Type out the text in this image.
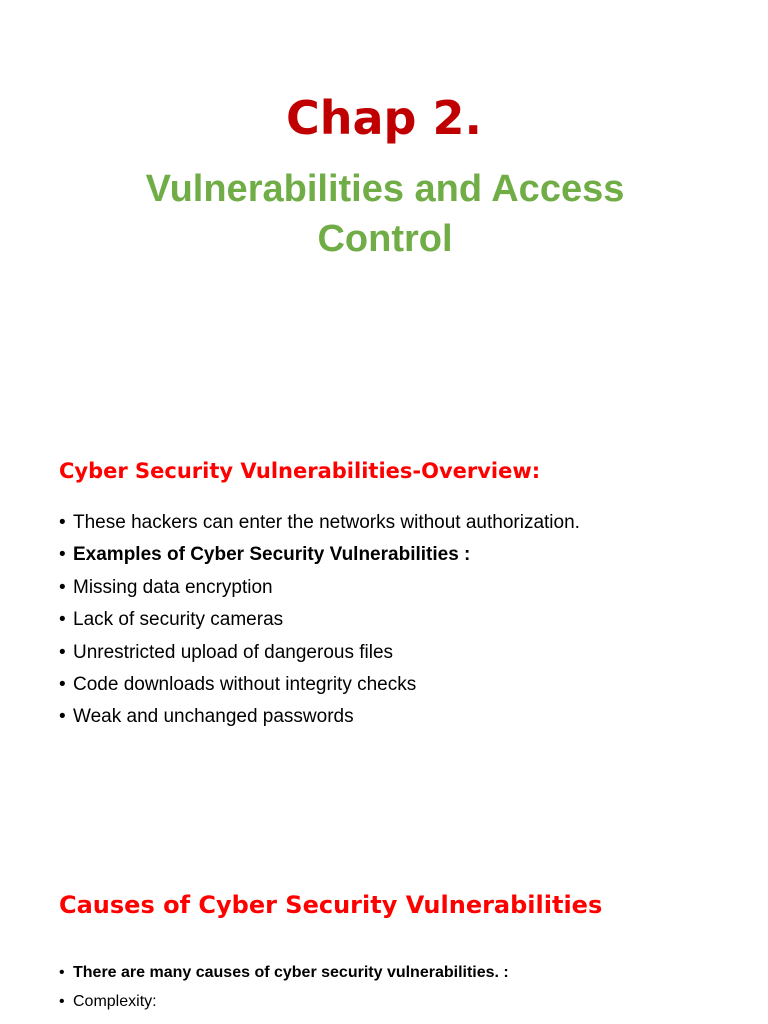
Chap 2.
Vulnerabilities and Access Control
Cyber Security Vulnerabilities-Overview:
• These hackers can enter the networks without authorization.
• Examples of Cyber Security Vulnerabilities :
• Missing data encryption
• Lack of security cameras
• Unrestricted upload of dangerous files
• Code downloads without integrity checks
• Weak and unchanged passwords
Causes of Cyber Security Vulnerabilities
• There are many causes of cyber security vulnerabilities. :
• Complexity:
